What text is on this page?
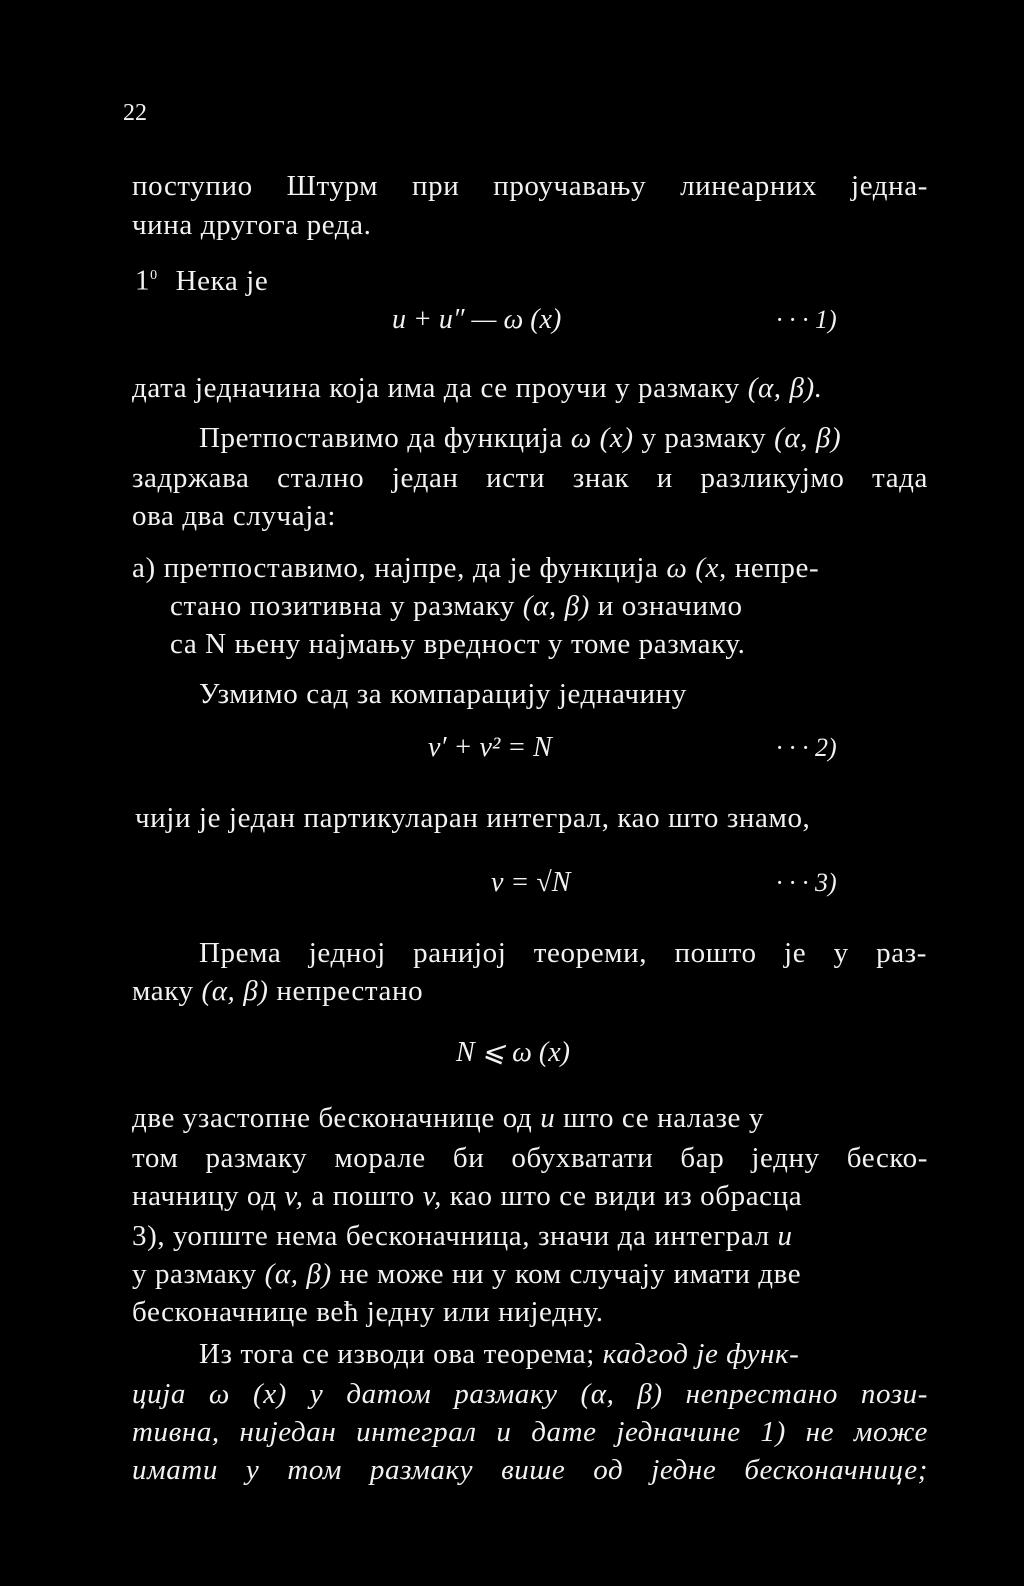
22
поступио Штурм при проучавању линеарних једна-
чина другога реда.
$1^0$ Нека је
u + u″ — ω (x)	· · · 1)
дата једначина која има да се проучи у размаку (α, β).
Претпоставимо да функција ω (x) у размаку (α, β)
задржава стално један исти знак и разликујмо тада
ова два случаја:
a) претпоставимо, најпре, да је функција ω (x, непре-
стано позитивна у размаку (α, β) и означимо
са N њену најмању вредност у томе размаку.
Узмимо сад за компарацију једначину
v′ + v² = N	· · · 2)
чији је један партикуларан интеграл, као што знамо,
v = √N	· · · 3)
Према једној ранијој теореми, пошто је у раз-
маку (α, β) непрестано
N ⩽ ω (x)
две узастопне бесконачнице од u што се налазе у
том размаку морале би обухватати бар једну беско-
начницу од v, а пошто v, као што се види из обрасца
3), уопште нема бесконачница, значи да интеграл u
у размаку (α, β) не може ни у ком случају имати две
бесконачнице већ једну или ниједну.
Из тога се изводи ова теорема; кадгод је функ-
ција ω (x) у датом размаку (α, β) непрестано пози-
тивна, ниједан интеграл u дате једначине 1) не може
имати у том размаку више од једне бесконачнице;
